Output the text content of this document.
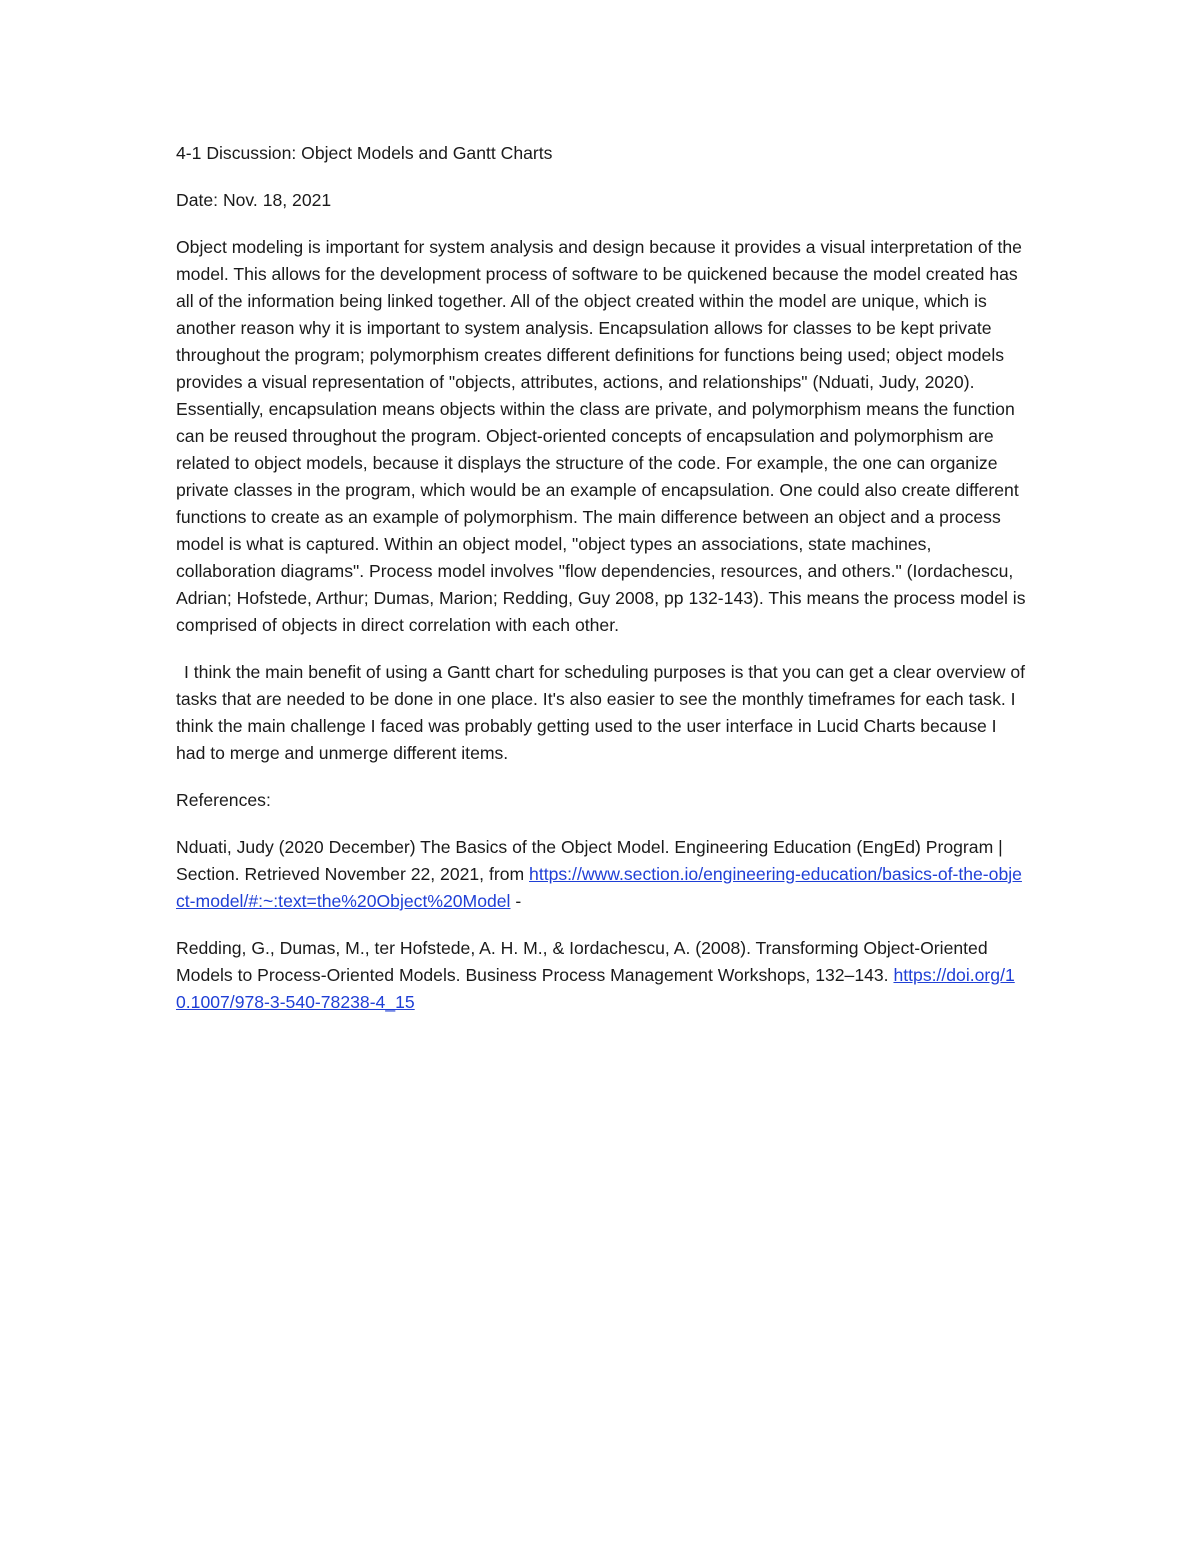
4-1 Discussion: Object Models and Gantt Charts

Date: Nov. 18, 2021

Object modeling is important for system analysis and design because it provides a visual interpretation of the model. This allows for the development process of software to be quickened because the model created has all of the information being linked together. All of the object created within the model are unique, which is another reason why it is important to system analysis. Encapsulation allows for classes to be kept private throughout the program; polymorphism creates different definitions for functions being used; object models provides a visual representation of "objects, attributes, actions, and relationships" (Nduati, Judy, 2020). Essentially, encapsulation means objects within the class are private, and polymorphism means the function can be reused throughout the program. Object-oriented concepts of encapsulation and polymorphism are related to object models, because it displays the structure of the code. For example, the one can organize private classes in the program, which would be an example of encapsulation. One could also create different functions to create as an example of polymorphism. The main difference between an object and a process model is what is captured. Within an object model, "object types an associations, state machines, collaboration diagrams". Process model involves "flow dependencies, resources, and others." (Iordachescu, Adrian; Hofstede, Arthur; Dumas, Marion; Redding, Guy 2008, pp 132-143). This means the process model is comprised of objects in direct correlation with each other.

I think the main benefit of using a Gantt chart for scheduling purposes is that you can get a clear overview of tasks that are needed to be done in one place. It's also easier to see the monthly timeframes for each task. I think the main challenge I faced was probably getting used to the user interface in Lucid Charts because I had to merge and unmerge different items.

References:

Nduati, Judy (2020 December) The Basics of the Object Model. Engineering Education (EngEd) Program | Section. Retrieved November 22, 2021, from https://www.section.io/engineering-education/basics-of-the-object-model/#:~:text=the%20Object%20Model -

Redding, G., Dumas, M., ter Hofstede, A. H. M., & Iordachescu, A. (2008). Transforming Object-Oriented Models to Process-Oriented Models. Business Process Management Workshops, 132–143. https://doi.org/10.1007/978-3-540-78238-4_15
